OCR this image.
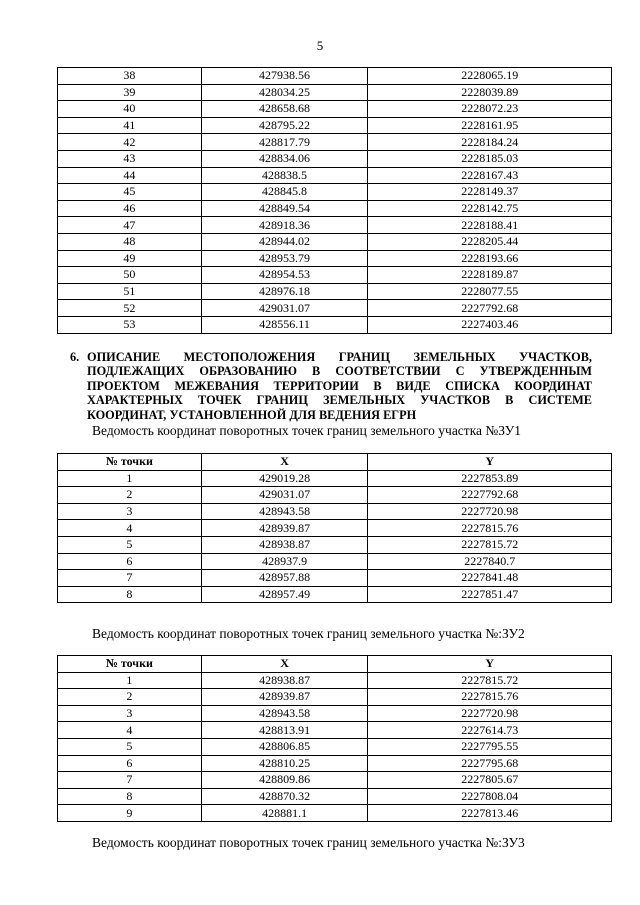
5
38	427938.56	2228065.19
39	428034.25	2228039.89
40	428658.68	2228072.23
41	428795.22	2228161.95
42	428817.79	2228184.24
43	428834.06	2228185.03
44	428838.5	2228167.43
45	428845.8	2228149.37
46	428849.54	2228142.75
47	428918.36	2228188.41
48	428944.02	2228205.44
49	428953.79	2228193.66
50	428954.53	2228189.87
51	428976.18	2228077.55
52	429031.07	2227792.68
53	428556.11	2227403.46
6. ОПИСАНИЕ МЕСТОПОЛОЖЕНИЯ ГРАНИЦ ЗЕМЕЛЬНЫХ УЧАСТКОВ, ПОДЛЕЖАЩИХ ОБРАЗОВАНИЮ В СООТВЕТСТВИИ С УТВЕРЖДЕННЫМ ПРОЕКТОМ МЕЖЕВАНИЯ ТЕРРИТОРИИ В ВИДЕ СПИСКА КООРДИНАТ ХАРАКТЕРНЫХ ТОЧЕК ГРАНИЦ ЗЕМЕЛЬНЫХ УЧАСТКОВ В СИСТЕМЕ КООРДИНАТ, УСТАНОВЛЕННОЙ ДЛЯ ВЕДЕНИЯ ЕГРН
Ведомость координат поворотных точек границ земельного участка №ЗУ1
№ точки	X	Y
1	429019.28	2227853.89
2	429031.07	2227792.68
3	428943.58	2227720.98
4	428939.87	2227815.76
5	428938.87	2227815.72
6	428937.9	2227840.7
7	428957.88	2227841.48
8	428957.49	2227851.47
Ведомость координат поворотных точек границ земельного участка №:ЗУ2
№ точки	X	Y
1	428938.87	2227815.72
2	428939.87	2227815.76
3	428943.58	2227720.98
4	428813.91	2227614.73
5	428806.85	2227795.55
6	428810.25	2227795.68
7	428809.86	2227805.67
8	428870.32	2227808.04
9	428881.1	2227813.46
Ведомость координат поворотных точек границ земельного участка №:ЗУ3
